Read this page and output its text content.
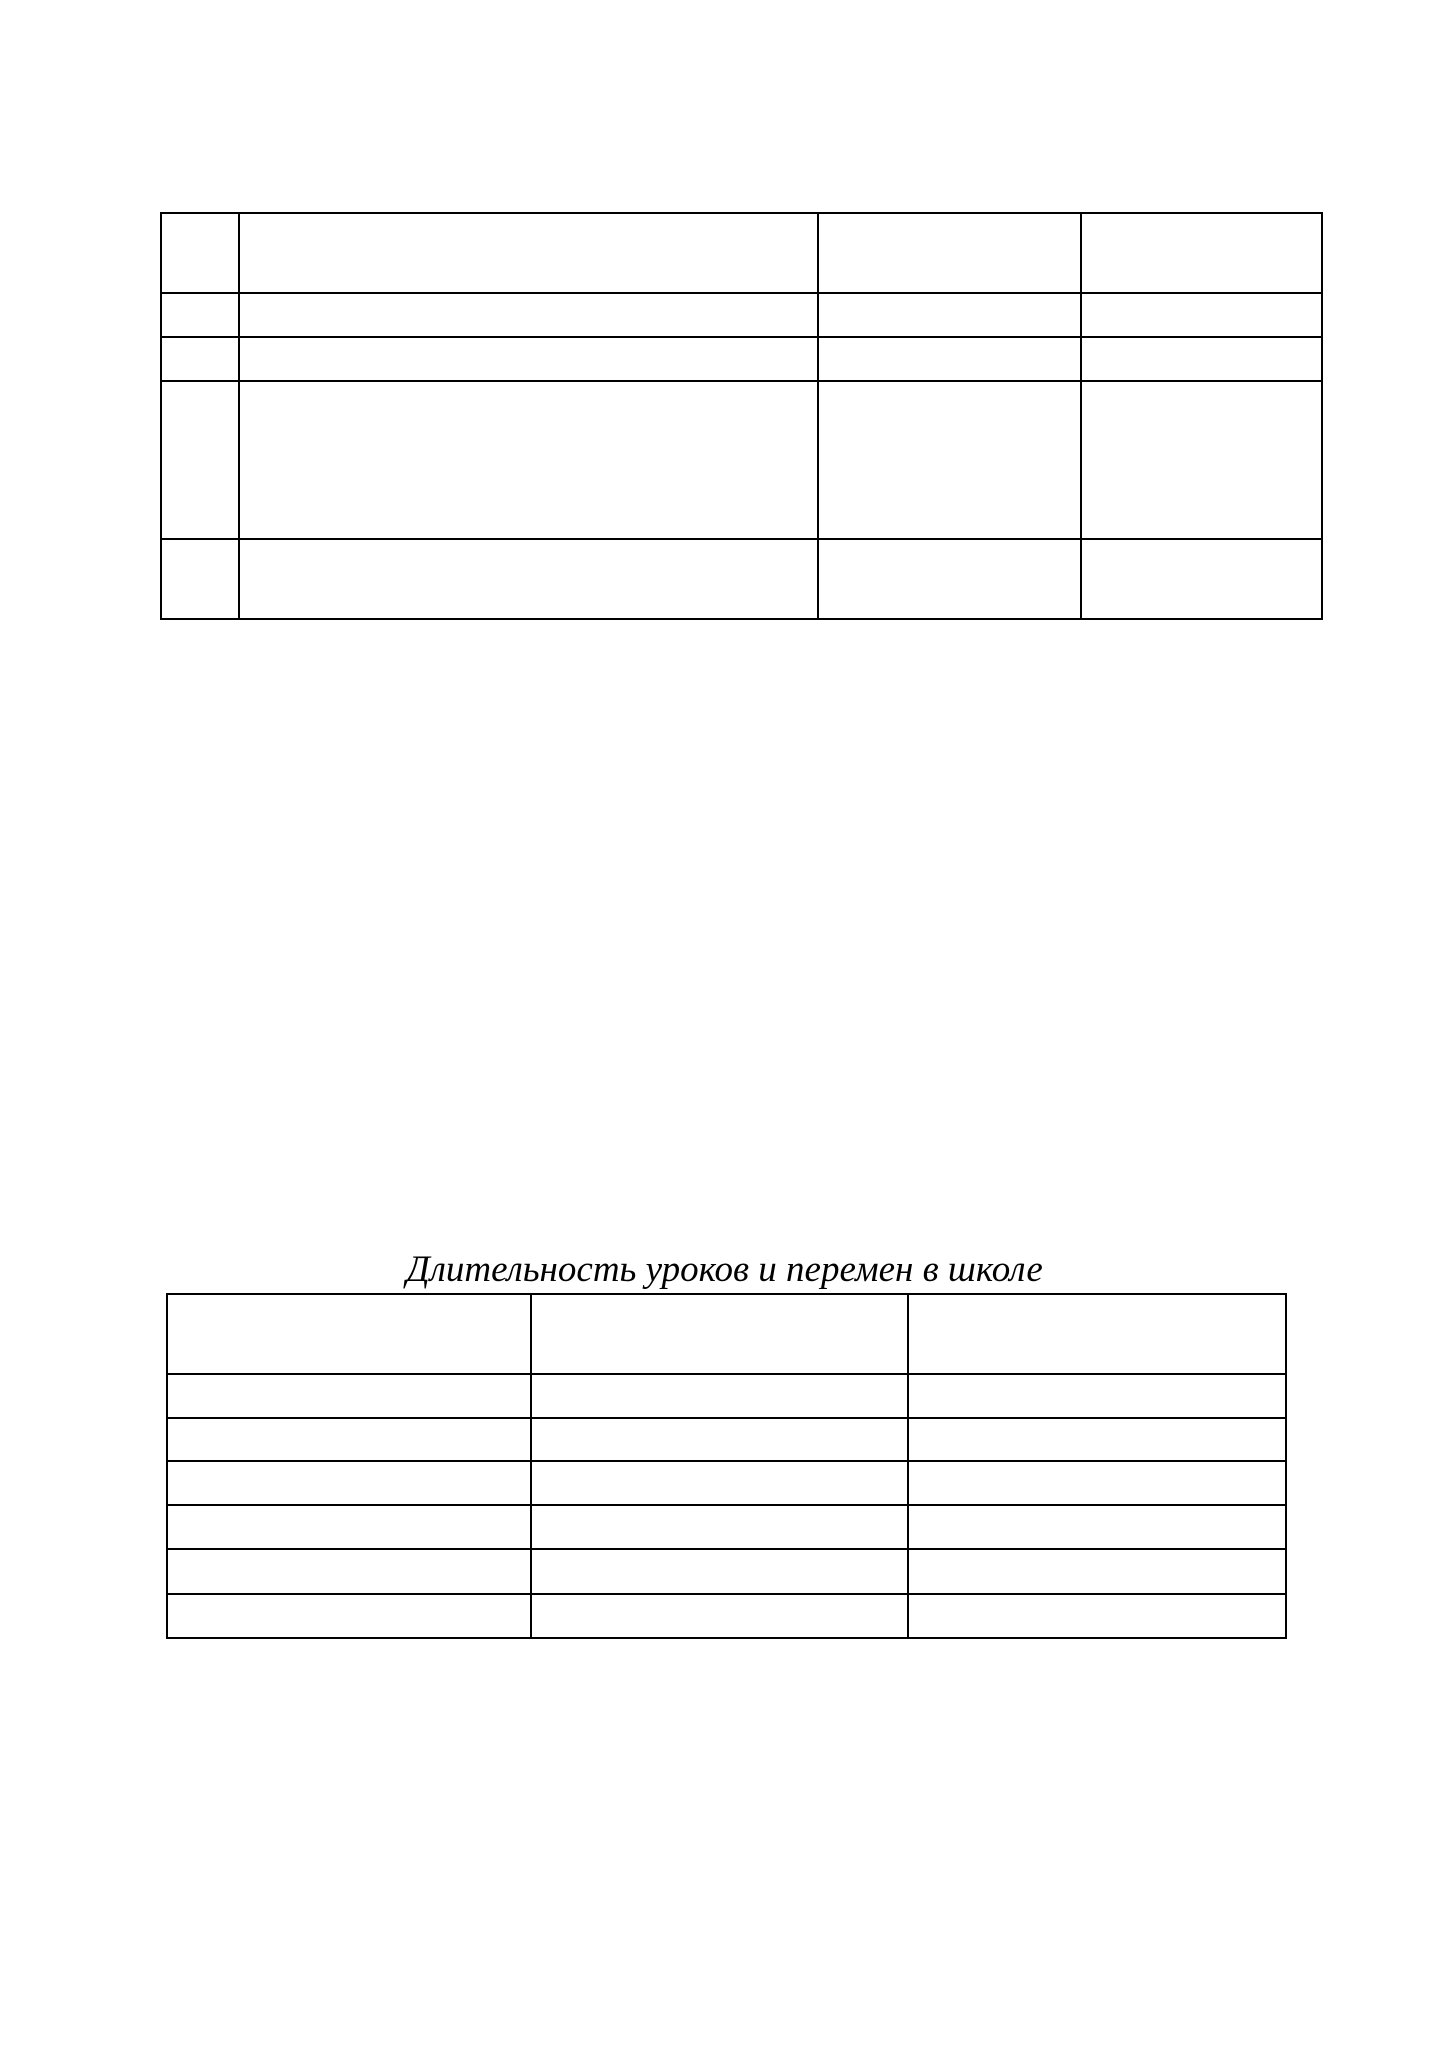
Длительность уроков и перемен в школе
